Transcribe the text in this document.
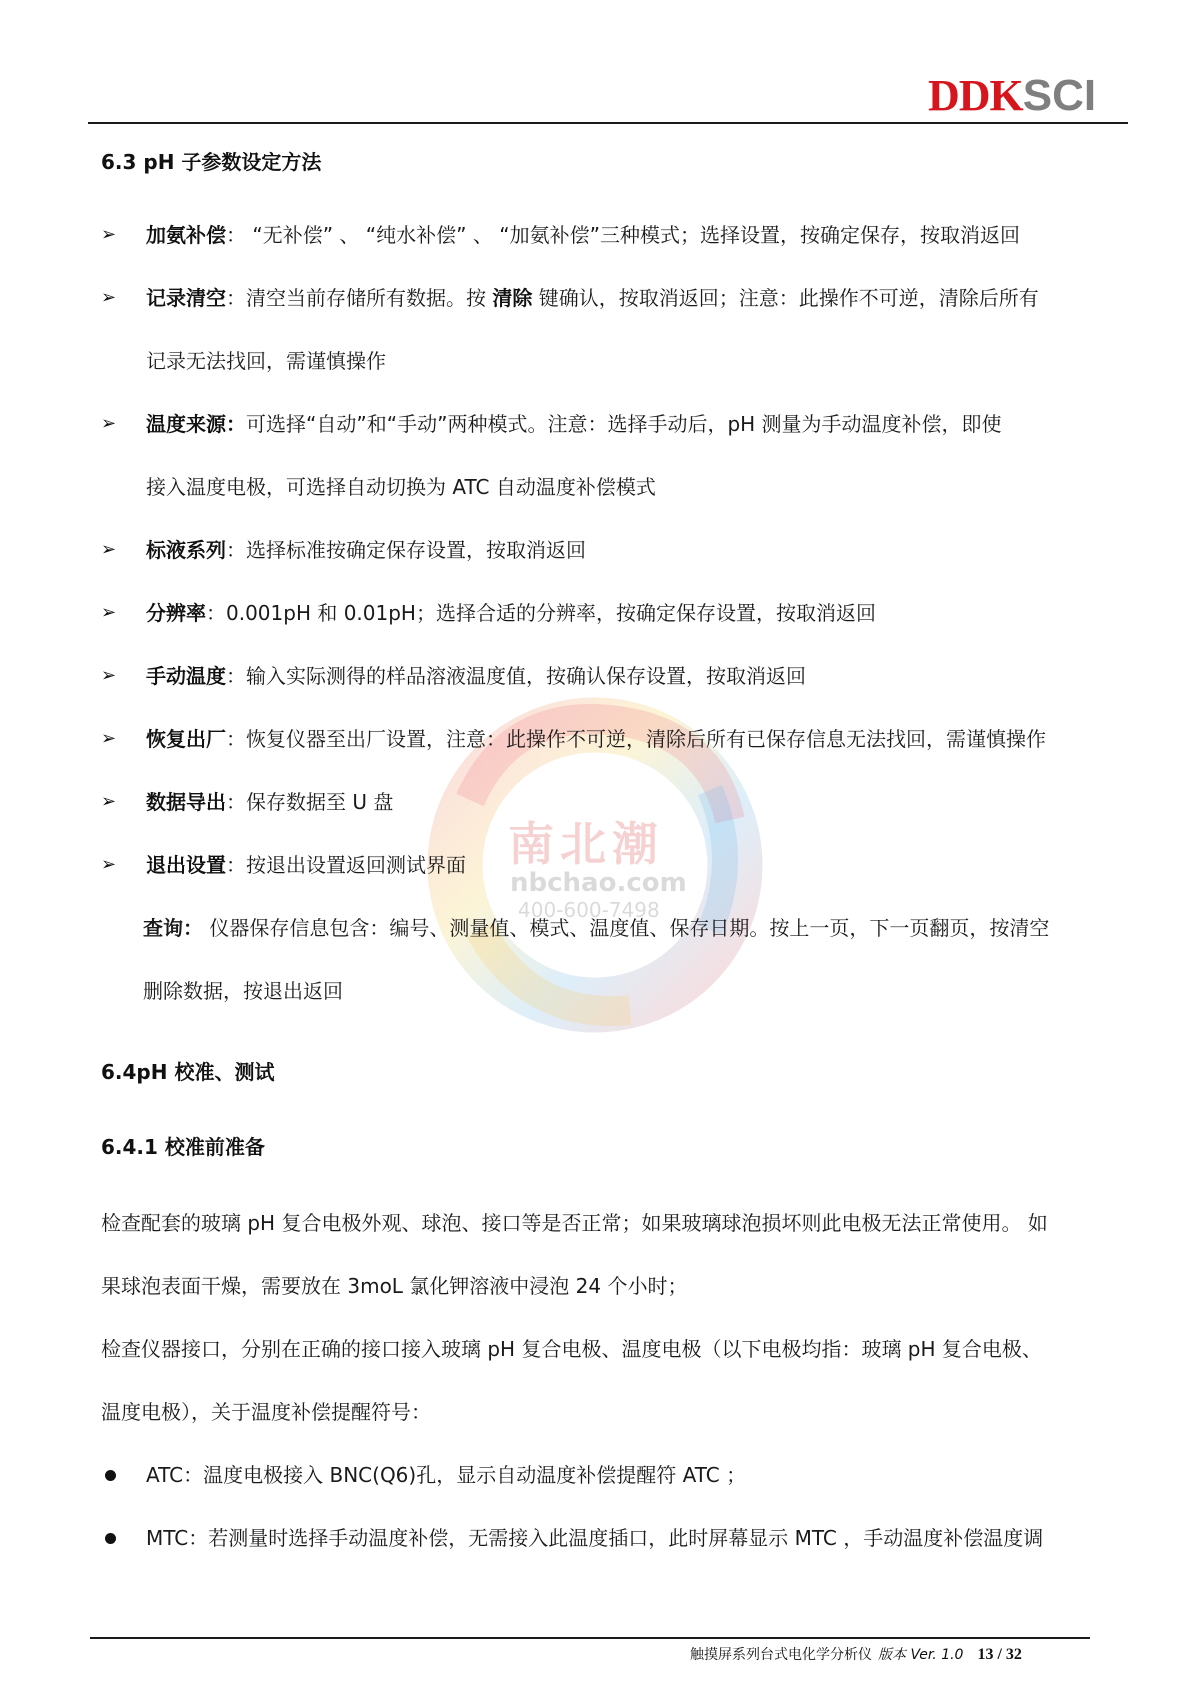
DDKSCI
南北潮
nbchao.com
400-600-7498
6.3 pH 子参数设定方法
➢ 加氨补偿： “无补偿” 、 “纯水补偿” 、 “加氨补偿”三种模式；选择设置，按确定保存，按取消返回
➢ 记录清空：清空当前存储所有数据。按 清除 键确认，按取消返回；注意：此操作不可逆，清除后所有
记录无法找回，需谨慎操作
➢ 温度来源：可选择“自动”和“手动”两种模式。注意：选择手动后，pH 测量为手动温度补偿，即使
接入温度电极，可选择自动切换为 ATC 自动温度补偿模式
➢ 标液系列：选择标准按确定保存设置，按取消返回
➢ 分辨率：0.001pH 和 0.01pH；选择合适的分辨率，按确定保存设置，按取消返回
➢ 手动温度：输入实际测得的样品溶液温度值，按确认保存设置，按取消返回
➢ 恢复出厂：恢复仪器至出厂设置，注意：此操作不可逆，清除后所有已保存信息无法找回，需谨慎操作
➢ 数据导出：保存数据至 U 盘
➢ 退出设置：按退出设置返回测试界面
查询： 仪器保存信息包含：编号、测量值、模式、温度值、保存日期。按上一页，下一页翻页，按清空
删除数据，按退出返回
6.4pH 校准、测试
6.4.1 校准前准备
检查配套的玻璃 pH 复合电极外观、球泡、接口等是否正常；如果玻璃球泡损坏则此电极无法正常使用。 如
果球泡表面干燥，需要放在 3moL 氯化钾溶液中浸泡 24 个小时；
检查仪器接口，分别在正确的接口接入玻璃 pH 复合电极、温度电极（以下电极均指：玻璃 pH 复合电极、
温度电极），关于温度补偿提醒符号：
ATC：温度电极接入 BNC(Q6)孔，显示自动温度补偿提醒符 ATC ；
MTC：若测量时选择手动温度补偿，无需接入此温度插口，此时屏幕显示 MTC ，手动温度补偿温度调
触摸屏系列台式电化学分析仪 版本 Ver. 1.0 13 / 32
